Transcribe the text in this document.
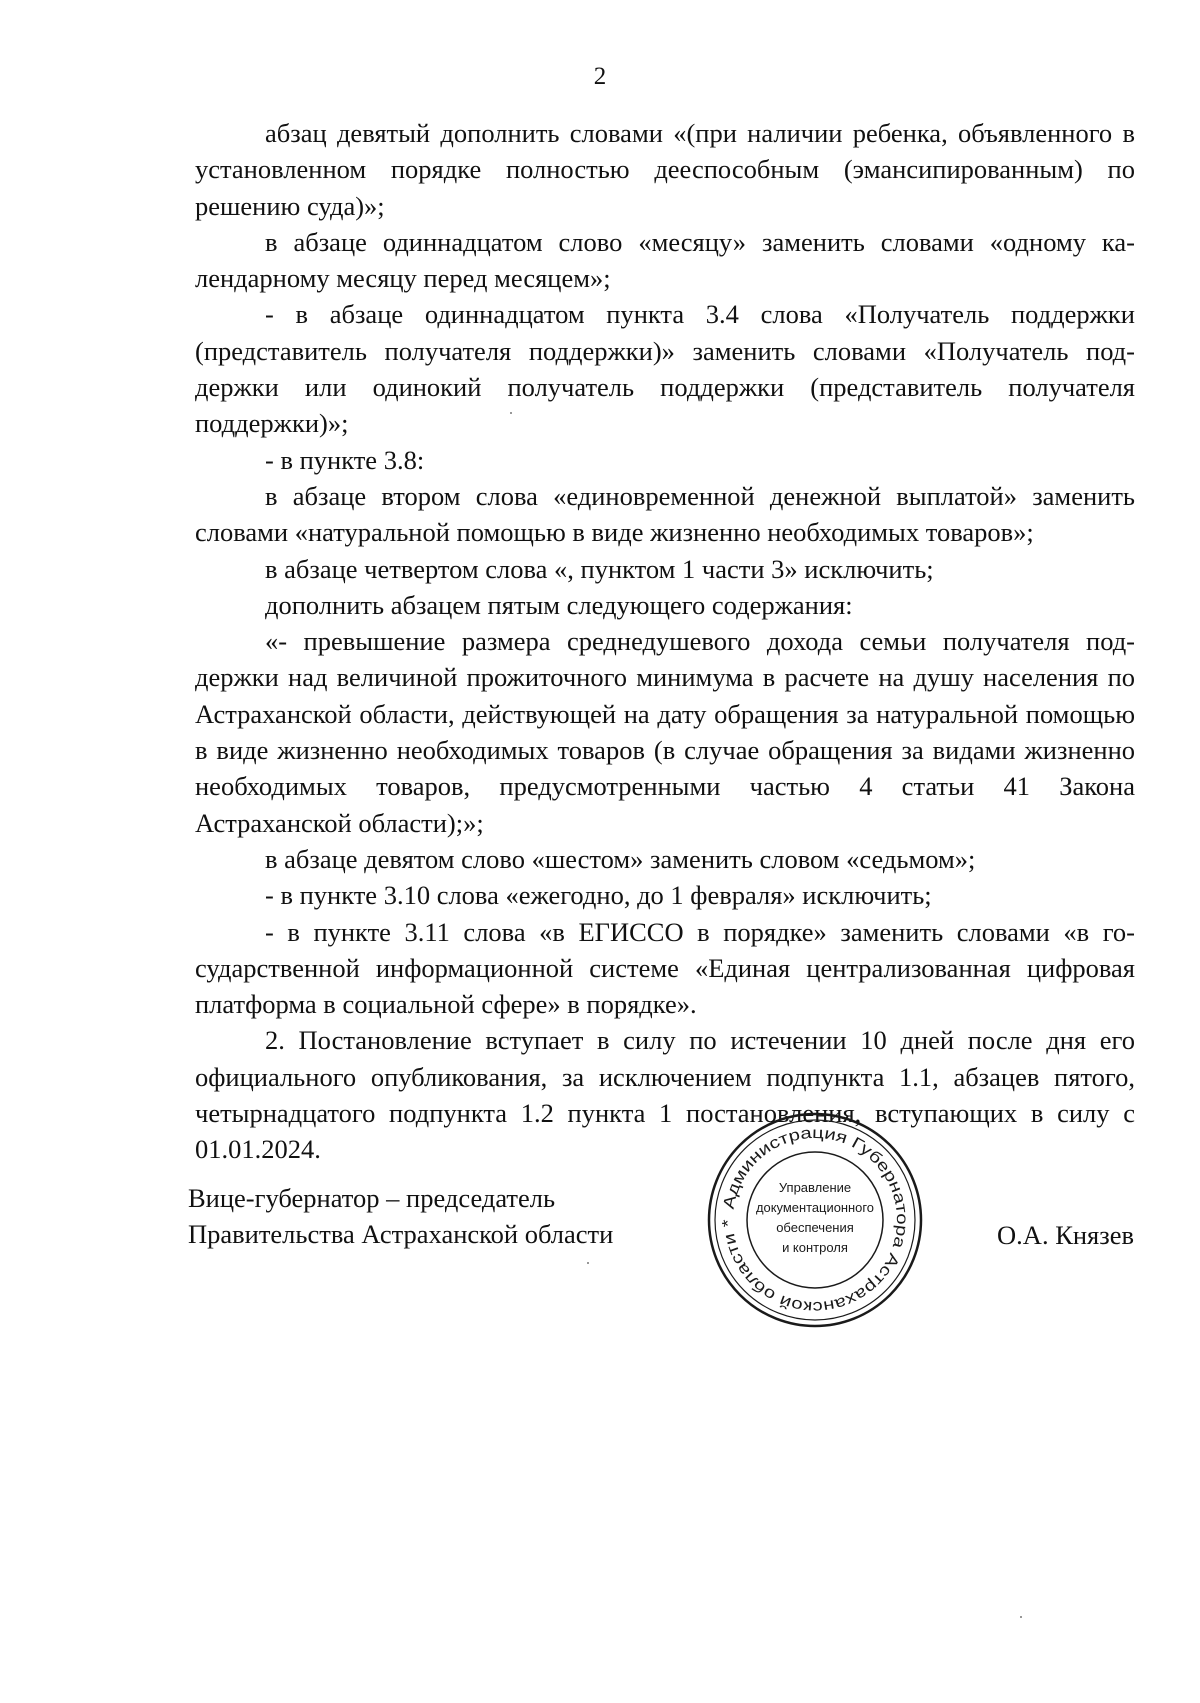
2

абзац девятый дополнить словами «(при наличии ребенка, объявленного в установленном порядке полностью дееспособным (эмансипированным) по решению суда)»;

в абзаце одиннадцатом слово «месяцу» заменить словами «одному календарному месяцу перед месяцем»;

- в абзаце одиннадцатом пункта 3.4 слова «Получатель поддержки (представитель получателя поддержки)» заменить словами «Получатель поддержки или одинокий получатель поддержки (представитель получателя поддержки)»;

- в пункте 3.8:

в абзаце втором слова «единовременной денежной выплатой» заменить словами «натуральной помощью в виде жизненно необходимых товаров»;

в абзаце четвертом слова «, пунктом 1 части 3» исключить;

дополнить абзацем пятым следующего содержания:

«- превышение размера среднедушевого дохода семьи получателя поддержки над величиной прожиточного минимума в расчете на душу населения по Астраханской области, действующей на дату обращения за натуральной помощью в виде жизненно необходимых товаров (в случае обращения за видами жизненно необходимых товаров, предусмотренными частью 4 статьи 41 Закона Астраханской области);»;

в абзаце девятом слово «шестом» заменить словом «седьмом»;

- в пункте 3.10 слова «ежегодно, до 1 февраля» исключить;

- в пункте 3.11 слова «в ЕГИССО в порядке» заменить словами «в государственной информационной системе «Единая централизованная цифровая платформа в социальной сфере» в порядке».

2. Постановление вступает в силу по истечении 10 дней после дня его официального опубликования, за исключением подпункта 1.1, абзацев пятого, четырнадцатого подпункта 1.2 пункта 1 постановления, вступающих в силу с 01.01.2024.

Вице-губернатор – председатель
Правительства Астраханской области
Администрация Губернатора Астраханской области *
Управление
документационного
обеспечения
и контроля	О.А. Князев
